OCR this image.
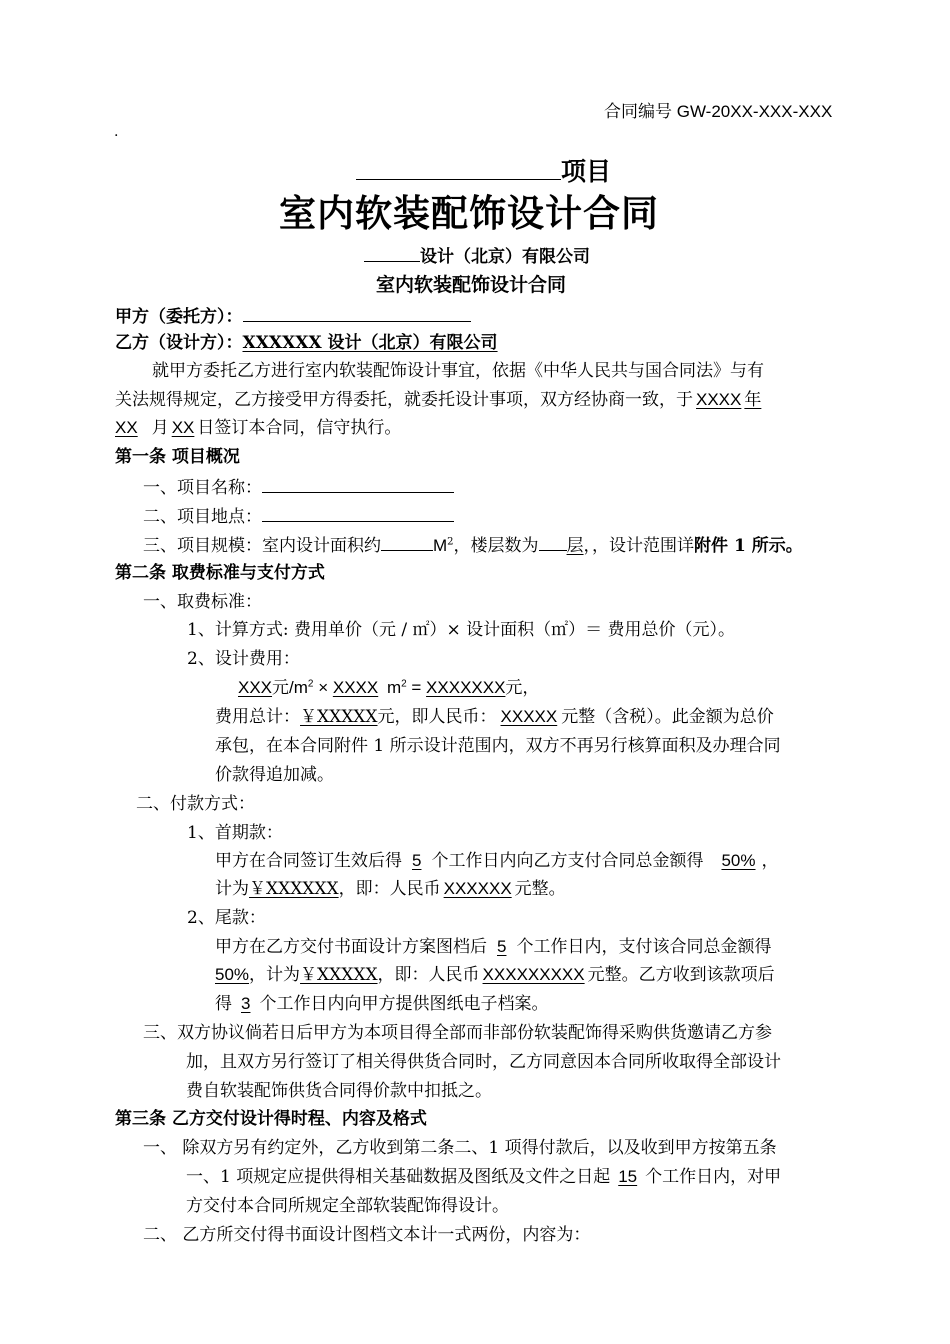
合同编号 GW-20XX-XXX-XXX
.
项目
室内软装配饰设计合同
设计（北京）有限公司
室内软装配饰设计合同
甲方（委托方）：
乙方（设计方）：XXXXXX 设计（北京）有限公司
就甲方委托乙方进行室内软装配饰设计事宜，依据《中华人民共与国合同法》与有
关法规得规定，乙方接受甲方得委托，就委托设计事项，双方经协商一致，于 XXXX 年
XX 月 XX 日签订本合同，信守执行。
第一条 项目概况
一、项目名称：
二、项目地点：
三、项目规模：室内设计面积约	$M^2$，楼层数为 层，，设计范围详附件 1 所示。
第二条 取费标准与支付方式
一、取费标准：
1、计算方式: 费用单价（元 / ㎡）× 设计面积（㎡）＝ 费用总价（元）。
2、设计费用：
XXX元$/m^2$ × XXXX $m^2$ = XXXXXXX元，
费用总计：￥XXXXX元，即人民币： XXXXX 元整（含税）。此金额为总价
承包，在本合同附件 1 所示设计范围内，双方不再另行核算面积及办理合同
价款得追加减。
二、付款方式：
1、首期款：
甲方在合同签订生效后得 5 个工作日内向乙方支付合同总金额得 50% ，
计为￥XXXXXX，即：人民币 XXXXXX 元整。
2、尾款：
甲方在乙方交付书面设计方案图档后 5 个工作日内，支付该合同总金额得
50%，计为￥XXXXX，即：人民币 XXXXXXXXX 元整。乙方收到该款项后
得 3 个工作日内向甲方提供图纸电子档案。
三、双方协议倘若日后甲方为本项目得全部而非部份软装配饰得采购供货邀请乙方参
加，且双方另行签订了相关得供货合同时，乙方同意因本合同所收取得全部设计
费自软装配饰供货合同得价款中扣抵之。
第三条 乙方交付设计得时程、内容及格式
一、 除双方另有约定外，乙方收到第二条二、1 项得付款后，以及收到甲方按第五条
一、1 项规定应提供得相关基础数据及图纸及文件之日起 15 个工作日内，对甲
方交付本合同所规定全部软装配饰得设计。
二、 乙方所交付得书面设计图档文本计一式两份，内容为：
